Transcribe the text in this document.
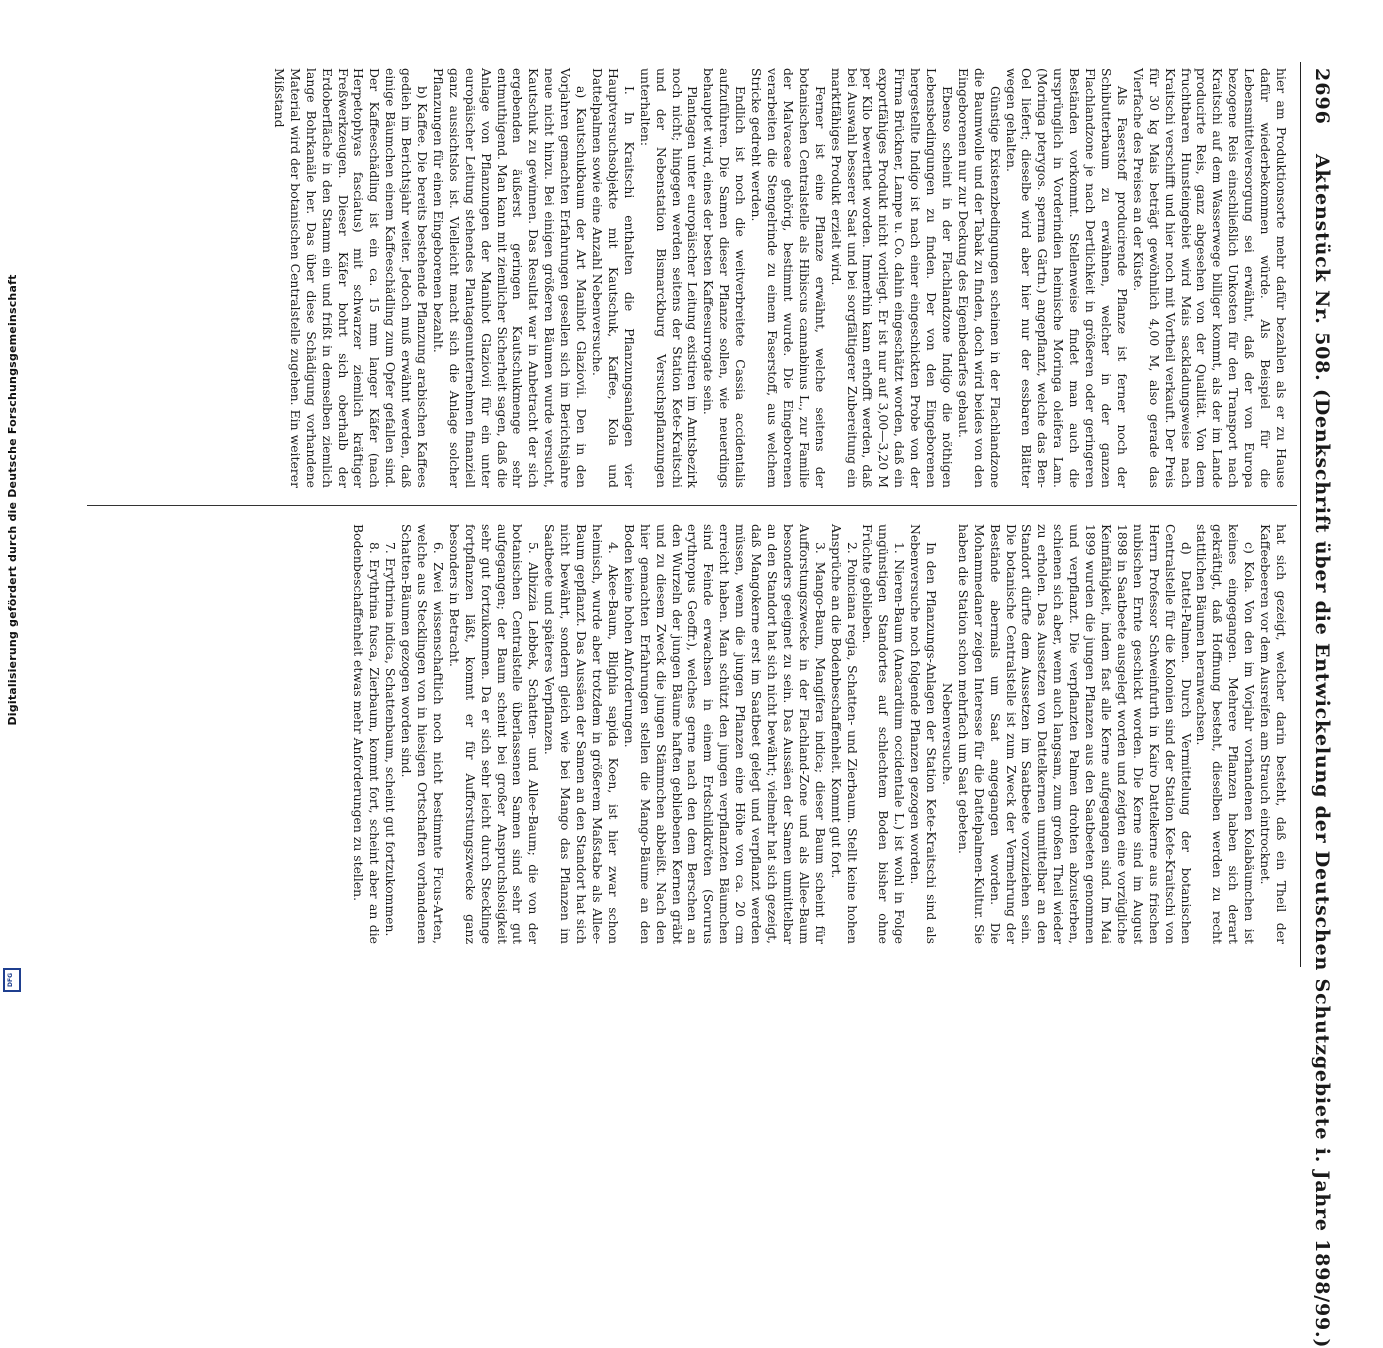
Digitalisierung gefördert durch die Deutsche Forschungsgemeinschaft
DFG
2696
Aktenstück Nr. 508. (Denkschrift über die Entwickelung der Deutschen Schutzgebiete i. Jahre 1898/99.)

hier am Produktionsorte mehr dafür bezahlen als er zu Hause dafür wiederbekommen würde. Als Beispiel für die Lebensmittelversorgung sei erwähnt, daß der von Europa bezogene Reis einschließlich Unkosten für den Transport nach Kraitschi auf dem Wasserwege billiger kommt, als der im Lande producirte Reis, ganz abgesehen von der Qualität. Von dem fruchtbaren Hunsteingebiet wird Mais sackladungsweise nach Kraitschi verschifft und hier noch mit Vortheil verkauft. Der Preis für 30 kg Mais beträgt gewöhnlich 4,00 M, also gerade das Vierfache des Preises an der Küste.

Als Faserstoff producirende Pflanze ist ferner noch der Schibutterbaum zu erwähnen, welcher in der ganzen Flachlandzone je nach Dertlichkeit in größeren oder geringeren Beständen vorkommt. Stellenweise findet man auch die ursprünglich in Vorderindien heimische Moringa oleifera Lam. (Moringa pterygos. sperma Gärtn.) angepflanzt, welche das Ben-Oel liefert; dieselbe wird aber hier nur der essbaren Blätter wegen gehalten.

Günstige Existenzbedingungen scheinen in der Flachlandzone die Baumwolle und der Tabak zu finden, doch wird beides von den Eingeborenen nur zur Deckung des Eigenbedarfes gebaut.

Ebenso scheint in der Flachlandzone Indigo die nöthigen Lebensbedingungen zu finden. Der von den Eingeborenen hergestellte Indigo ist nach einer eingeschickten Probe von der Firma Brückner, Lampe u. Co. dahin eingeschätzt worden, daß ein exportfähiges Produkt nicht vorliegt. Er ist nur auf 3,00—3,20 M per Kilo bewerthet worden. Immerhin kann erhofft werden, daß bei Auswahl besserer Saat und bei sorgfältigerer Zubereitung ein marktfähiges Produkt erzielt wird.

Ferner ist eine Pflanze erwähnt, welche seitens der botanischen Centralstelle als Hibiscus cannabinus L., zur Familie der Malvaceae gehörig, bestimmt wurde. Die Eingeborenen verarbeiten die Stengelrinde zu einem Faserstoff, aus welchem Stricke gedreht werden.

Endlich ist noch die weitverbreitete Cassia accidentalis aufzuführen. Die Samen dieser Pflanze sollen, wie neuerdings behauptet wird, eines der besten Kaffeesurrogate sein.

Plantagen unter europäischer Leitung existiren im Amtsbezirk noch nicht; hingegen werden seitens der Station Kete-Kraitschi und der Nebenstation Bismarckburg Versuchspflanzungen unterhalten:

I. In Kraitschi enthalten die Pflanzungsanlagen vier Hauptversuchsobjekte mit Kautschuk, Kaffee, Kola und Dattelpalmen sowie eine Anzahl Nebenversuche.

a) Kautschukbaum der Art Manihot Glaziovii. Den in den Vorjahren gemachten Erfahrungen gesellen sich im Berichtsjahre neue nicht hinzu. Bei einigen größeren Bäumen wurde versucht, Kautschuk zu gewinnen. Das Resultat war in Anbetracht der sich ergebenden äußerst geringen Kautschukmenge sehr entmuthigend. Man kann mit ziemlicher Sicherheit sagen, daß die Anlage von Pflanzungen der Manihot Glaziovii für ein unter europäischer Leitung stehendes Plantagenunternehmen finanziell ganz aussichtslos ist. Vielleicht macht sich die Anlage solcher Pflanzungen für einen Eingeborenen bezahlt.

b) Kaffee. Die bereits bestehende Pflanzung arabischen Kaffees gedieh im Berichtsjahr weiter. Jedoch muß erwähnt werden, daß einige Bäumchen einem Kaffeeschädling zum Opfer gefallen sind. Der Kaffeeschädling ist ein ca. 15 mm langer Käfer (nach Herpetophyas fasciatus) mit schwarzer ziemlich kräftiger Freßwerkzeugen. Dieser Käfer bohrt sich oberhalb der Erdoberfläche in den Stamm ein und frißt in demselben ziemlich lange Bohrkanäle her. Das über diese Schädigung vorhandene Material wird der botanischen Centralstelle zugehen. Ein weiterer Mißstand

hat sich gezeigt, welcher darin besteht, daß ein Theil der Kaffeebeeren vor dem Ausreifen am Strauch eintrocknet.

c) Kola. Von den im Vorjahr vorhandenen Kolabäumchen ist keines eingegangen. Mehrere Pflanzen haben sich derart gekräftigt, daß Hoffnung besteht, dieselben werden zu recht stattlichen Bäumen heranwachsen.

d) Dattel-Palmen. Durch Vermittelung der botanischen Centralstelle für die Kolonien sind der Station Kete-Kraitschi von Herrn Professor Schweinfurth in Kairo Dattelkerne aus frischen nubischen Ernte geschickt worden. Die Kerne sind im August 1898 in Saatbeete ausgelegt worden und zeigten eine vorzügliche Keimfähigkeit, indem fast alle Kerne aufgegangen sind. Im Mai 1899 wurden die jungen Pflanzen aus den Saatbeeten genommen und verpflanzt. Die verpflanzten Palmen drohten abzusterben, schienen sich aber, wenn auch langsam, zum großen Theil wieder zu erholen. Das Aussetzen von Dattelkernen unmittelbar an den Standort dürfte dem Aussetzen im Saatbeete vorzuziehen sein. Die botanische Centralstelle ist zum Zweck der Vermehrung der Bestände abermals um Saat angegangen worden. Die Mohammedaner zeigen Interesse für die Dattelpalmen-Kultur. Sie haben die Station schon mehrfach um Saat gebeten.

Nebenversuche.

In den Pflanzungs-Anlagen der Station Kete-Kraitschi sind als Nebenversuche noch folgende Pflanzen gezogen worden.

1. Nieren-Baum (Anacardium occidentale L.) ist wohl in Folge ungünstigen Standortes auf schlechtem Boden bisher ohne Früchte geblieben.

2. Poinciana regia, Schatten- und Zierbaum. Stellt keine hohen Ansprüche an die Bodenbeschaffenheit. Kommt gut fort.

3. Mango-Baum, Mangifera indica; dieser Baum scheint für Aufforstungszwecke in der Flachland-Zone und als Allee-Baum besonders geeignet zu sein. Das Aussäen der Samen unmittelbar an den Standort hat sich nicht bewährt; vielmehr hat sich gezeigt, daß Mangokerne erst im Saatbeet gelegt und verpflanzt werden müssen, wenn die jungen Pflanzen eine Höhe von ca. 20 cm erreicht haben. Man schützt den jungen verpflanzten Bäumchen sind Feinde erwachsen in einem Erdschildkröten (Sorurus erythropus Geoffr.), welches gerne nach den dem Berschen an den Wurzeln der jungen Bäume haften gebliebenen Kernen gräbt und zu diesem Zweck die jungen Stämmchen abbeißt. Nach den hier gemachten Erfahrungen stellen die Mango-Bäume an den Boden keine hohen Anforderungen.

4. Akee-Baum, Blighia sapida Koen, ist hier zwar schon heimisch, wurde aber trotzdem in größerem Maßstabe als Allee-Baum gepflanzt. Das Aussäen der Samen an den Standort hat sich nicht bewährt, sondern gleich wie bei Mango das Pflanzen im Saatbeete und späteres Verpflanzen.

5. Albizzia Lebbek, Schatten- und Allee-Baum; die von der botanischen Centralstelle überlassenen Samen sind sehr gut aufgegangen; der Baum scheint bei großer Anspruchslosigkeit sehr gut fortzukommen. Da er sich sehr leicht durch Stecklinge fortpflanzen läßt, kommt er für Aufforstungszwecke ganz besonders in Betracht.

6. Zwei wissenschaftlich noch nicht bestimmte Ficus-Arten, welche aus Stecklingen von in hiesigen Ortschaften vorhandenen Schatten-Bäumen gezogen worden sind.

7. Erythrina indica, Schattenbaum, scheint gut fortzukommen.

8. Erythrina fusca, Zierbaum, kommt fort, scheint aber an die Bodenbeschaffenheit etwas mehr Anforderungen zu stellen.
